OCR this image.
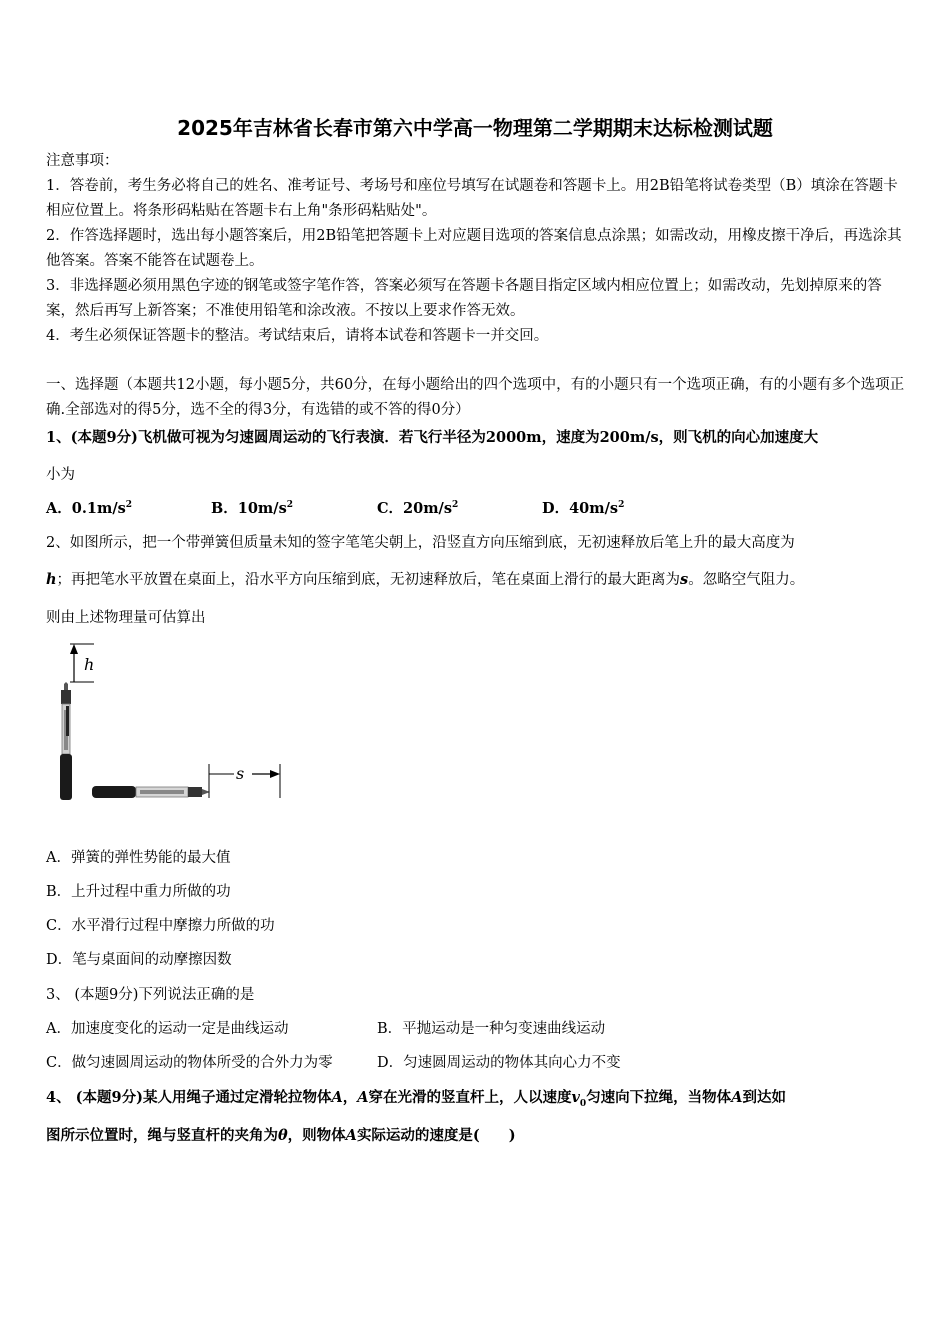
2025年吉林省长春市第六中学高一物理第二学期期末达标检测试题
注意事项：
1．答卷前，考生务必将自己的姓名、准考证号、考场号和座位号填写在试题卷和答题卡上。用2B铅笔将试卷类型（B）填涂在答题卡相应位置上。将条形码粘贴在答题卡右上角"条形码粘贴处"。
2．作答选择题时，选出每小题答案后，用2B铅笔把答题卡上对应题目选项的答案信息点涂黑；如需改动，用橡皮擦干净后，再选涂其他答案。答案不能答在试题卷上。
3．非选择题必须用黑色字迹的钢笔或签字笔作答，答案必须写在答题卡各题目指定区域内相应位置上；如需改动，先划掉原来的答案，然后再写上新答案；不准使用铅笔和涂改液。不按以上要求作答无效。
4．考生必须保证答题卡的整洁。考试结束后，请将本试卷和答题卡一并交回。
一、选择题（本题共12小题，每小题5分，共60分，在每小题给出的四个选项中，有的小题只有一个选项正确，有的小题有多个选项正确.全部选对的得5分，选不全的得3分，有选错的或不答的得0分）
1、(本题9分)飞机做可视为匀速圆周运动的飞行表演．若飞行半径为2000m，速度为200m/s，则飞机的向心加速度大
小为
A．$0.1m/s^2$	B．$10m/s^2$	C．$20m/s^2$	D．$40m/s^2$
2、如图所示，把一个带弹簧但质量未知的签字笔笔尖朝上，沿竖直方向压缩到底，无初速释放后笔上升的最大高度为
h；再把笔水平放置在桌面上，沿水平方向压缩到底，无初速释放后，笔在桌面上滑行的最大距离为s。忽略空气阻力。
则由上述物理量可估算出
h
s
A．弹簧的弹性势能的最大值
B．上升过程中重力所做的功
C．水平滑行过程中摩擦力所做的功
D．笔与桌面间的动摩擦因数
3、 (本题9分)下列说法正确的是
A．加速度变化的运动一定是曲线运动	B．平抛运动是一种匀变速曲线运动
C．做匀速圆周运动的物体所受的合外力为零	D．匀速圆周运动的物体其向心力不变
4、 (本题9分)某人用绳子通过定滑轮拉物体A，A穿在光滑的竖直杆上，人以速度$v_0$匀速向下拉绳，当物体A到达如
图所示位置时，绳与竖直杆的夹角为θ，则物体A实际运动的速度是(　　)
